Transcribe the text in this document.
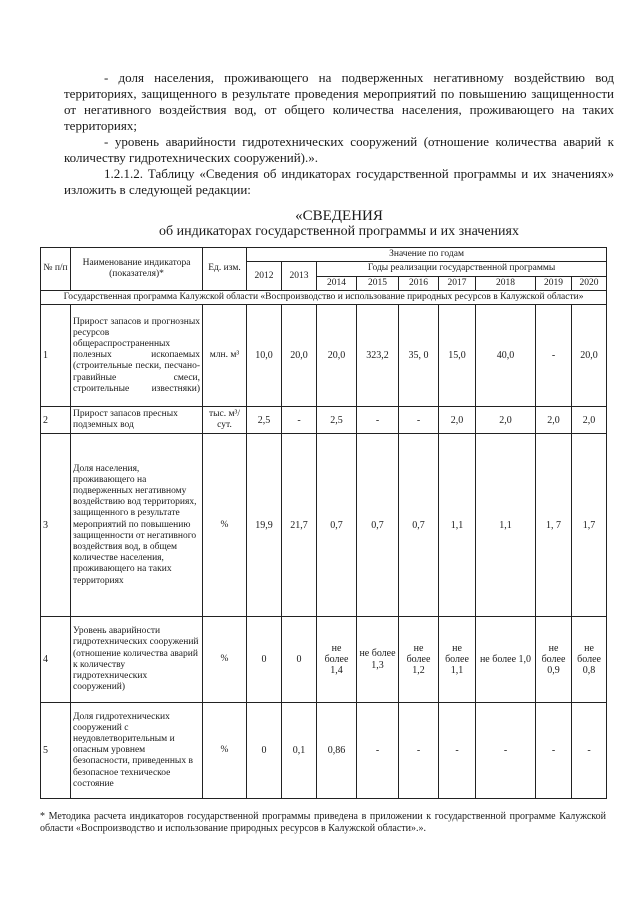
- доля населения, проживающего на подверженных негативному воздействию вод территориях, защищенного в результате проведения мероприятий по повышению защищенности от негативного воздействия вод, от общего количества населения, проживающего на таких территориях;
- уровень аварийности гидротехнических сооружений (отношение количества аварий к количеству гидротехнических сооружений).».
1.2.1.2. Таблицу «Сведения об индикаторах государственной программы и их значениях» изложить в следующей редакции:
«СВЕДЕНИЯ
об индикаторах государственной программы и их значениях
№ п/п	Наименование индикатора (показателя)*	Ед. изм.	Значение по годам								
			2012	2013	Годы реализации государственной программы						
					2014	2015	2016	2017	2018	2019	2020
Государственная программа Калужской области «Воспроизводство и использование природных ресурсов в Калужской области»											
1	Прирост запасов и прогнозных ресурсов общераспространенных полезных ископаемых (строительные пески, песчано-гравийные смеси, строительные известняки)	млн. м³	10,0	20,0	20,0	323,2	35, 0	15,0	40,0	-	20,0
2	Прирост запасов пресных подземных вод	тыс. м³/сут.	2,5	-	2,5	-	-	2,0	2,0	2,0	2,0
3	Доля населения, проживающего на подверженных негативному воздействию вод территориях, защищенного в результате мероприятий по повышению защищенности от негативного воздействия вод, в общем количестве населения, проживающего на таких территориях	%	19,9	21,7	0,7	0,7	0,7	1,1	1,1	1, 7	1,7
4	Уровень аварийности гидротехнических сооружений (отношение количества аварий к количеству гидротехнических сооружений)	%	0	0	не более 1,4	не более 1,3	не более 1,2	не более 1,1	не более 1,0	не более 0,9	не более 0,8
5	Доля гидротехнических сооружений с неудовлетворительным и опасным уровнем безопасности, приведенных в безопасное техническое состояние	%	0	0,1	0,86	-	-	-	-	-	-
* Методика расчета индикаторов государственной программы приведена в приложении к государственной программе Калужской области «Воспроизводство и использование природных ресурсов в Калужской области».».
